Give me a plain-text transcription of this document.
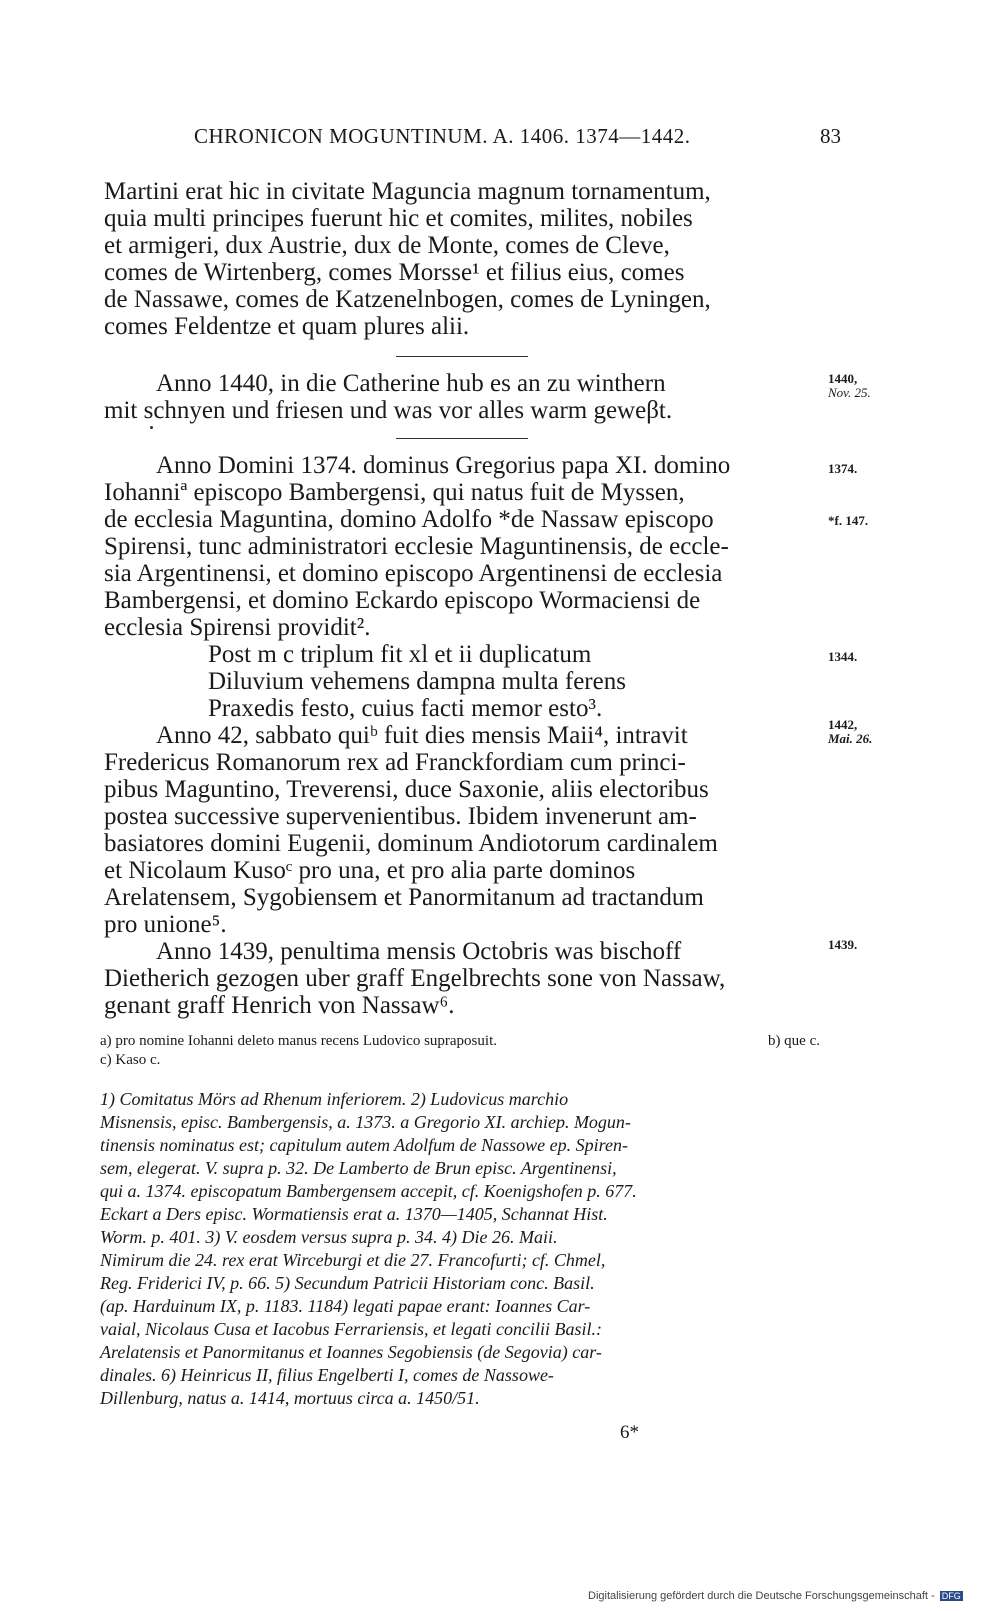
CHRONICON MOGUNTINUM. A. 1406. 1374—1442.	83
Martini erat hic in civitate Maguncia magnum tornamentum,
quia multi principes fuerunt hic et comites, milites, nobiles
et armigeri, dux Austrie, dux de Monte, comes de Cleve,
comes de Wirtenberg, comes Morsse¹ et filius eius, comes
de Nassawe, comes de Katzenelnbogen, comes de Lyningen,
comes Feldentze et quam plures alii.
Anno 1440, in die Catherine hub es an zu winthern
mit schnyen und friesen und was vor alles warm geweβt.
Anno Domini 1374. dominus Gregorius papa XI. domino
Iohanniª episcopo Bambergensi, qui natus fuit de Myssen,
de ecclesia Maguntina, domino Adolfo *de Nassaw episcopo
Spirensi, tunc administratori ecclesie Maguntinensis, de eccle-
sia Argentinensi, et domino episcopo Argentinensi de ecclesia
Bambergensi, et domino Eckardo episcopo Wormaciensi de
ecclesia Spirensi providit².
Post m c triplum fit xl et ii duplicatum
Diluvium vehemens dampna multa ferens
Praxedis festo, cuius facti memor esto³.
Anno 42, sabbato quiᵇ fuit dies mensis Maii⁴, intravit
Fredericus Romanorum rex ad Franckfordiam cum princi-
pibus Maguntino, Treverensi, duce Saxonie, aliis electoribus
postea successive supervenientibus. Ibidem invenerunt am-
basiatores domini Eugenii, dominum Andiotorum cardinalem
et Nicolaum Kusoᶜ pro una, et pro alia parte dominos
Arelatensem, Sygobiensem et Panormitanum ad tractandum
pro unione⁵.
Anno 1439, penultima mensis Octobris was bischoff
Dietherich gezogen uber graff Engelbrechts sone von Nassaw,
genant graff Henrich von Nassaw⁶.
1440,
Nov. 25.
1374.
*f. 147.
1344.
1442,
Mai. 26.
1439.
a) pro nomine Iohanni deleto manus recens Ludovico supraposuit.	b) que c.
c) Kaso c.
1) Comitatus Mörs ad Rhenum inferiorem. 2) Ludovicus marchio
Misnensis, episc. Bambergensis, a. 1373. a Gregorio XI. archiep. Mogun-
tinensis nominatus est; capitulum autem Adolfum de Nassowe ep. Spiren-
sem, elegerat. V. supra p. 32. De Lamberto de Brun episc. Argentinensi,
qui a. 1374. episcopatum Bambergensem accepit, cf. Koenigshofen p. 677.
Eckart a Ders episc. Wormatiensis erat a. 1370—1405, Schannat Hist.
Worm. p. 401. 3) V. eosdem versus supra p. 34. 4) Die 26. Maii.
Nimirum die 24. rex erat Wirceburgi et die 27. Francofurti; cf. Chmel,
Reg. Friderici IV, p. 66. 5) Secundum Patricii Historiam conc. Basil.
(ap. Harduinum IX, p. 1183. 1184) legati papae erant: Ioannes Car-
vaial, Nicolaus Cusa et Iacobus Ferrariensis, et legati concilii Basil.:
Arelatensis et Panormitanus et Ioannes Segobiensis (de Segovia) car-
dinales. 6) Heinricus II, filius Engelberti I, comes de Nassowe-
Dillenburg, natus a. 1414, mortuus circa a. 1450/51.
6*
Digitalisierung gefördert durch die Deutsche Forschungsgemeinschaft - DFG
